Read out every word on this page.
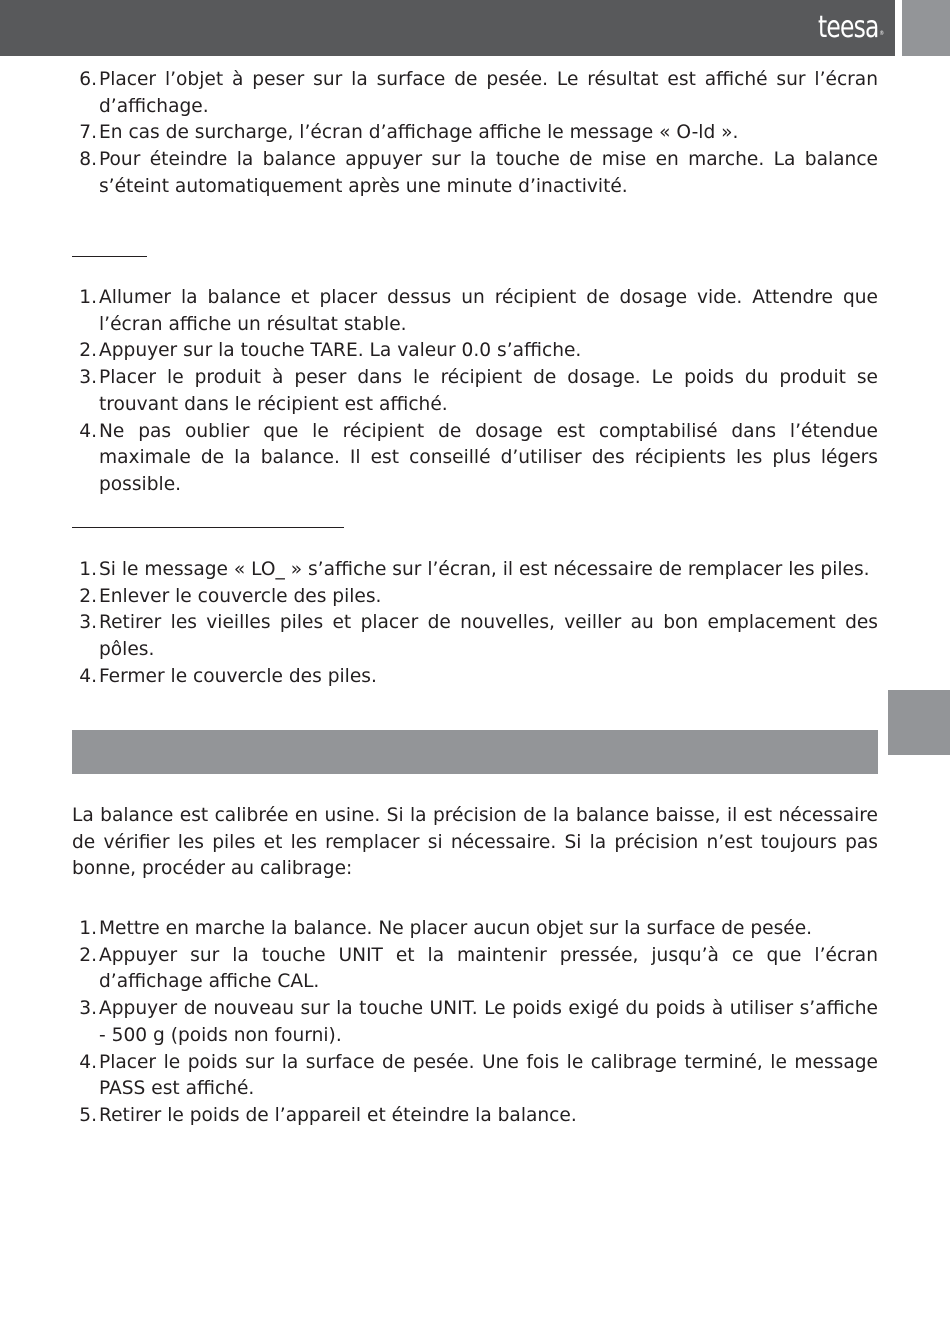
teesa®
6. Placer l’objet à peser sur la surface de pesée. Le résultat est affiché sur l’écran d’affichage.
7. En cas de surcharge, l’écran d’affichage affiche le message « O-ld ».
8. Pour éteindre la balance appuyer sur la touche de mise en marche. La balance s’éteint automatiquement après une minute d’inactivité.
1. Allumer la balance et placer dessus un récipient de dosage vide. Attendre que l’écran affiche un résultat stable.
2. Appuyer sur la touche TARE. La valeur 0.0 s’affiche.
3. Placer le produit à peser dans le récipient de dosage. Le poids du produit se trouvant dans le récipient est affiché.
4. Ne pas oublier que le récipient de dosage est comptabilisé dans l’étendue maximale de la balance. Il est conseillé d’utiliser des récipients les plus légers possible.
1. Si le message « LO_ » s’affiche sur l’écran, il est nécessaire de remplacer les piles.
2. Enlever le couvercle des piles.
3. Retirer les vieilles piles et placer de nouvelles, veiller au bon emplacement des pôles.
4. Fermer le couvercle des piles.

La balance est calibrée en usine. Si la précision de la balance baisse, il est nécessaire de vérifier les piles et les remplacer si nécessaire. Si la précision n’est toujours pas bonne, procéder au calibrage:

1. Mettre en marche la balance. Ne placer aucun objet sur la surface de pesée.
2. Appuyer sur la touche UNIT et la maintenir pressée, jusqu’à ce que l’écran d’affichage affiche CAL.
3. Appuyer de nouveau sur la touche UNIT. Le poids exigé du poids à utiliser s’affiche - 500 g (poids non fourni).
4. Placer le poids sur la surface de pesée. Une fois le calibrage terminé, le message PASS est affiché.
5. Retirer le poids de l’appareil et éteindre la balance.
